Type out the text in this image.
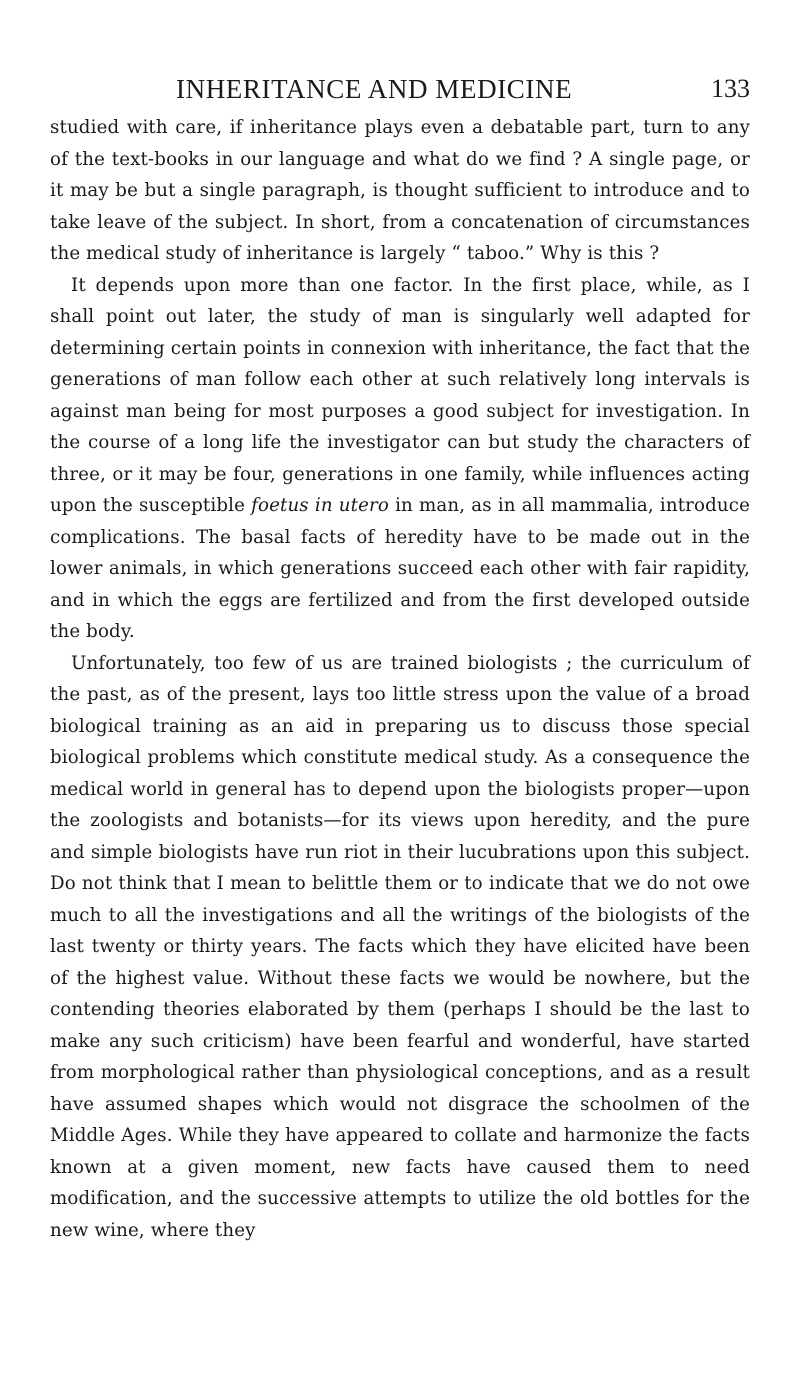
INHERITANCE AND MEDICINE	133

studied with care, if inheritance plays even a debatable part, turn to any of the text-books in our language and what do we find ? A single page, or it may be but a single paragraph, is thought sufficient to introduce and to take leave of the subject. In short, from a concatenation of circumstances the medical study of inheritance is largely “ taboo.” Why is this ?

It depends upon more than one factor. In the first place, while, as I shall point out later, the study of man is singularly well adapted for determining certain points in connexion with inheritance, the fact that the generations of man follow each other at such relatively long intervals is against man being for most purposes a good subject for investigation. In the course of a long life the investigator can but study the characters of three, or it may be four, generations in one family, while influences acting upon the susceptible foetus in utero in man, as in all mammalia, introduce complications. The basal facts of heredity have to be made out in the lower animals, in which generations succeed each other with fair rapidity, and in which the eggs are fertilized and from the first developed outside the body.

Unfortunately, too few of us are trained biologists ; the curriculum of the past, as of the present, lays too little stress upon the value of a broad biological training as an aid in preparing us to discuss those special biological problems which constitute medical study. As a consequence the medical world in general has to depend upon the biologists proper—upon the zoologists and botanists—for its views upon heredity, and the pure and simple biologists have run riot in their lucubrations upon this subject. Do not think that I mean to belittle them or to indicate that we do not owe much to all the investigations and all the writings of the biologists of the last twenty or thirty years. The facts which they have elicited have been of the highest value. Without these facts we would be nowhere, but the contending theories elaborated by them (perhaps I should be the last to make any such criticism) have been fearful and wonderful, have started from morphological rather than physiological conceptions, and as a result have assumed shapes which would not disgrace the schoolmen of the Middle Ages. While they have appeared to collate and harmonize the facts known at a given moment, new facts have caused them to need modification, and the successive attempts to utilize the old bottles for the new wine, where they
